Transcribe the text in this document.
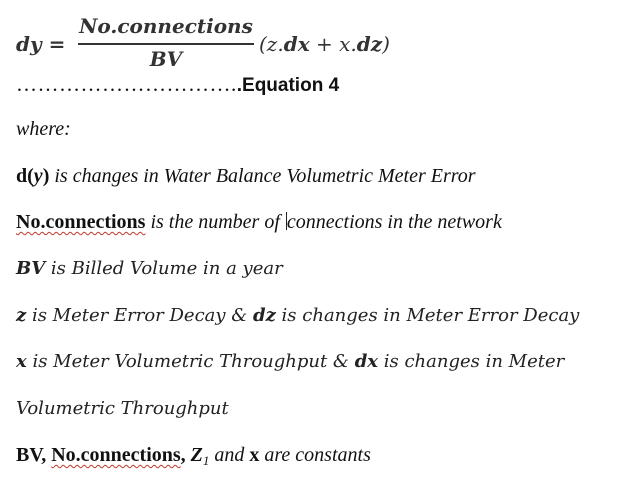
dy =
No.connections
BV
(z.dx + x.dz)
…………………………..Equation 4
where:
d(y) is changes in Water Balance Volumetric Meter Error
No.connections is the number of connections in the network
BV is Billed Volume in a year
z is Meter Error Decay & dz is changes in Meter Error Decay
x is Meter Volumetric Throughput & dx is changes in Meter
Volumetric Throughput
BV, No.connections, $Z_1$ and x are constants
